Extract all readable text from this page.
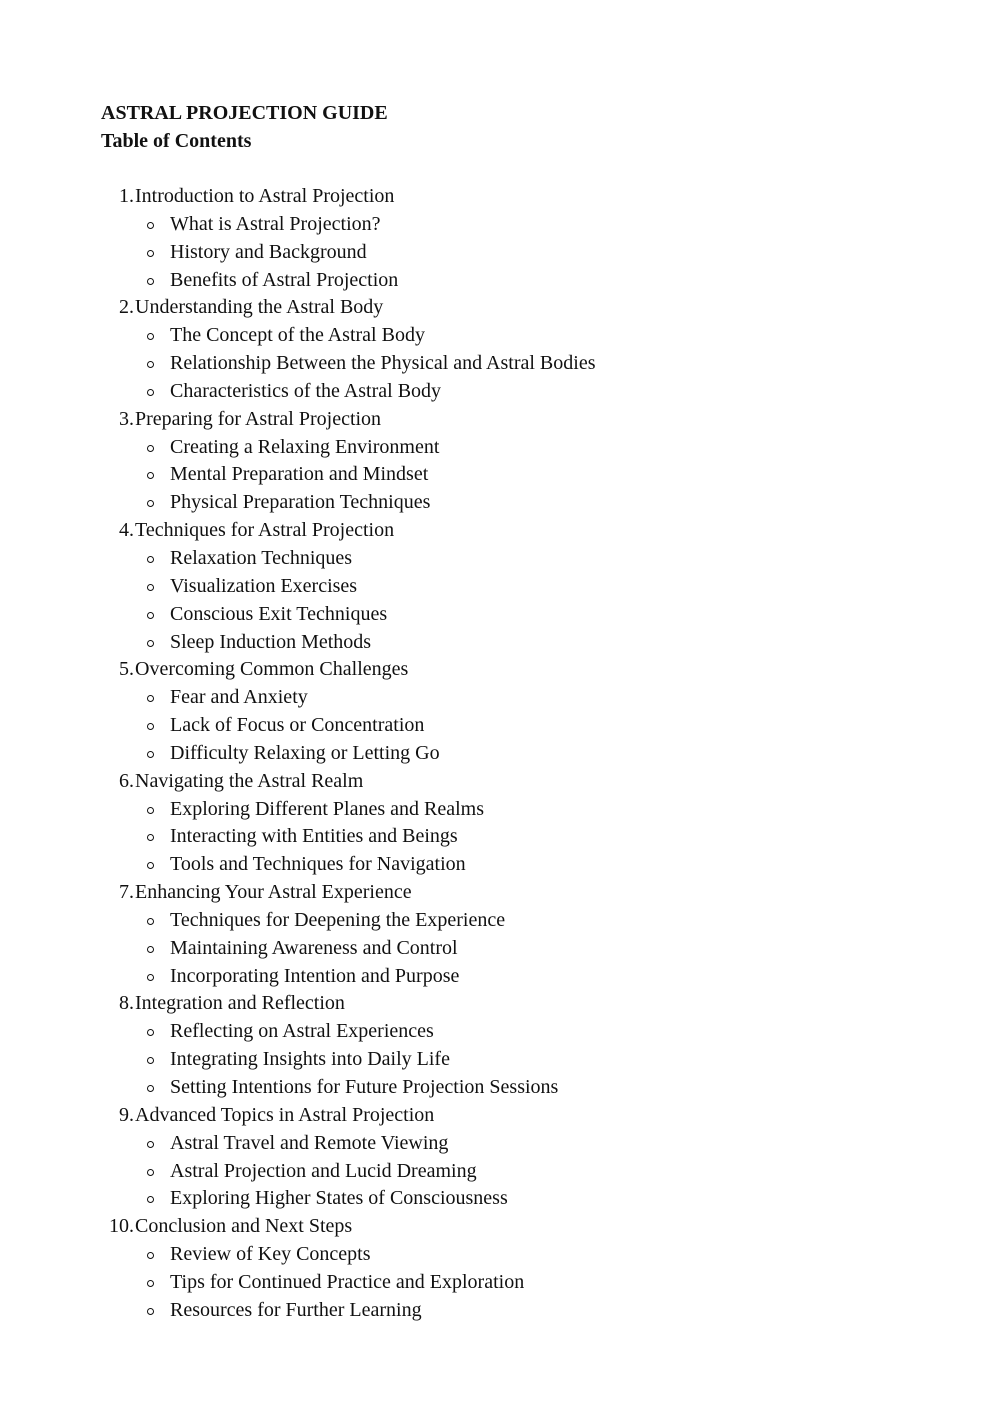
ASTRAL PROJECTION GUIDE
Table of Contents
1. Introduction to Astral Projection
What is Astral Projection?
History and Background
Benefits of Astral Projection
2. Understanding the Astral Body
The Concept of the Astral Body
Relationship Between the Physical and Astral Bodies
Characteristics of the Astral Body
3. Preparing for Astral Projection
Creating a Relaxing Environment
Mental Preparation and Mindset
Physical Preparation Techniques
4. Techniques for Astral Projection
Relaxation Techniques
Visualization Exercises
Conscious Exit Techniques
Sleep Induction Methods
5. Overcoming Common Challenges
Fear and Anxiety
Lack of Focus or Concentration
Difficulty Relaxing or Letting Go
6. Navigating the Astral Realm
Exploring Different Planes and Realms
Interacting with Entities and Beings
Tools and Techniques for Navigation
7. Enhancing Your Astral Experience
Techniques for Deepening the Experience
Maintaining Awareness and Control
Incorporating Intention and Purpose
8. Integration and Reflection
Reflecting on Astral Experiences
Integrating Insights into Daily Life
Setting Intentions for Future Projection Sessions
9. Advanced Topics in Astral Projection
Astral Travel and Remote Viewing
Astral Projection and Lucid Dreaming
Exploring Higher States of Consciousness
10. Conclusion and Next Steps
Review of Key Concepts
Tips for Continued Practice and Exploration
Resources for Further Learning
